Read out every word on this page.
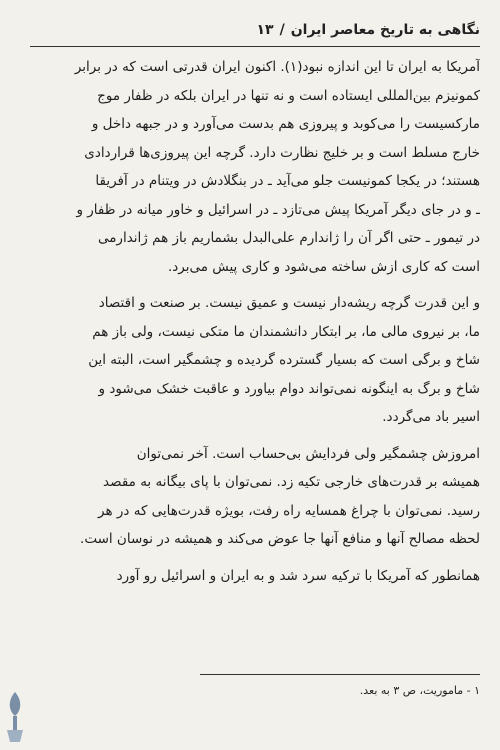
نگاهی به تاریخ معاصر ایران
/
۱۳

آمریکا به ایران تا این اندازه نبود(۱). اکنون ایران قدرتی است که در برابر
کمونیزم بین‌المللی ایستاده است و نه تنها در ایران بلکه در ظفار موج
مارکسیست را می‌کوبد و پیروزی هم بدست می‌آورد و در جبهه داخل و
خارج مسلط است و بر خلیج نظارت دارد. گرچه این پیروزی‌ها قراردادی
هستند؛ در یکجا کمونیست جلو می‌آید ـ در بنگلادش در ویتنام در آفریقا
ـ و در جای دیگر آمریکا پیش می‌تازد ـ در اسرائیل و خاور میانه در ظفار و
در تیمور ـ حتی اگر آن را ژاندارم علی‌البدل بشماریم باز هم ژاندارمی
است که کاری ازش ساخته می‌شود و کاری پیش می‌برد.

و این قدرت گرچه ریشه‌دار نیست و عمیق نیست. بر صنعت و اقتصاد
ما، بر نیروی مالی ما، بر ابتکار دانشمندان ما متکی نیست، ولی باز هم
شاخ و برگی است که بسیار گسترده گردیده و چشمگیر است، البته این
شاخ و برگ به اینگونه نمی‌تواند دوام بیاورد و عاقبت خشک می‌شود و
اسیر باد می‌گردد.

امروزش چشمگیر ولی فردایش بی‌حساب است. آخر نمی‌توان
همیشه بر قدرت‌های خارجی تکیه زد. نمی‌توان با پای بیگانه به مقصد
رسید. نمی‌توان با چراغ همسایه راه رفت، بویژه قدرت‌هایی که در هر
لحظه مصالح آنها و منافع آنها جا عوض می‌کند و همیشه در نوسان است.

همانطور که آمریکا با ترکیه سرد شد و به ایران و اسرائیل رو آورد

۱ - ماموریت، ص ۳ به بعد.
